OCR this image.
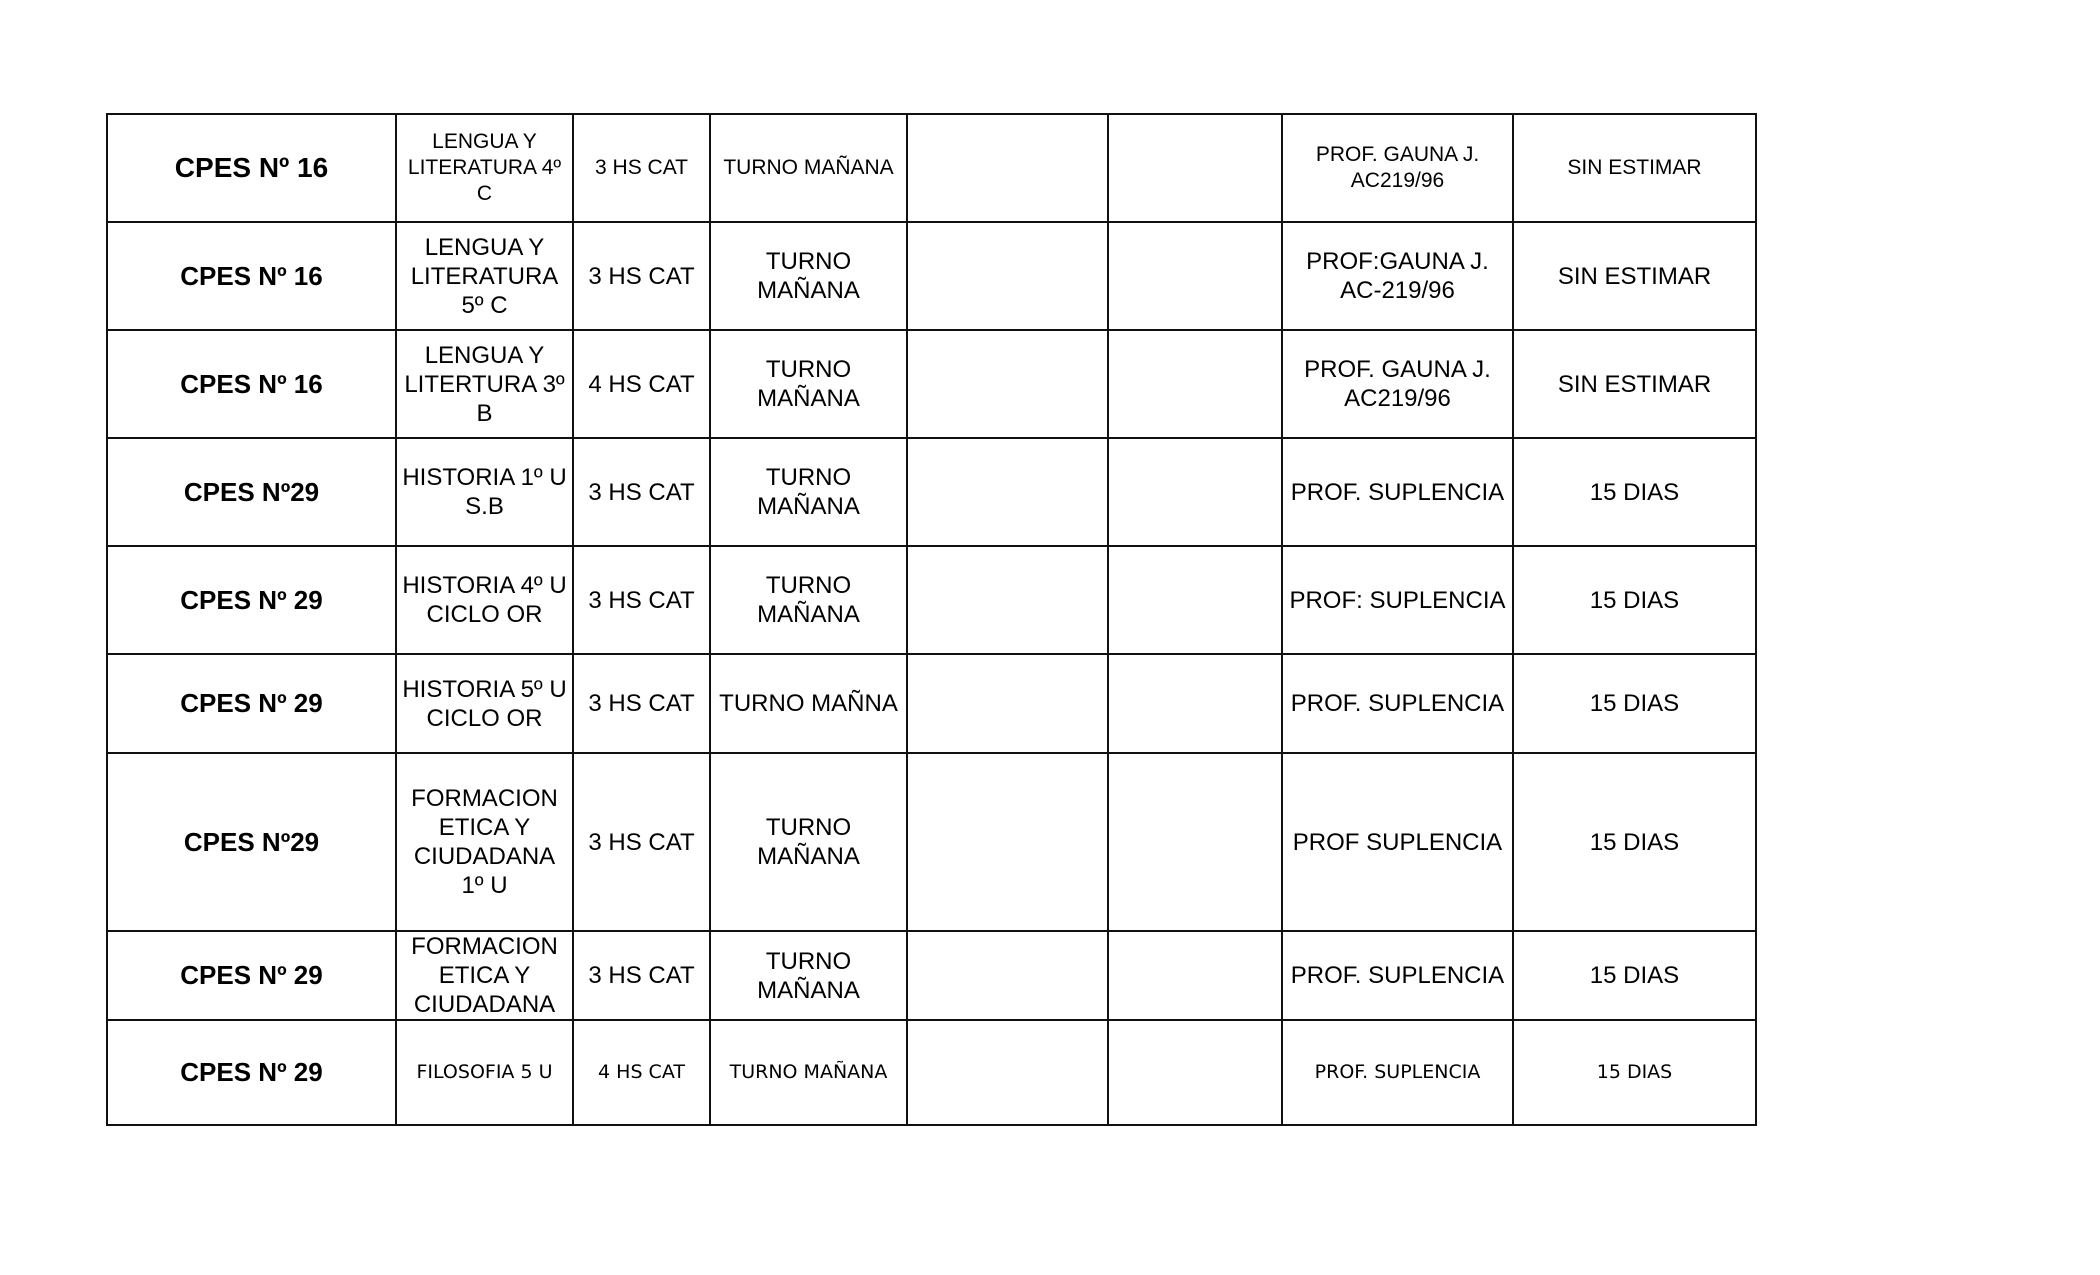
CPES Nº 16	LENGUA Y LITERATURA 4º C	3 HS CAT	TURNO MAÑANA			PROF. GAUNA J. AC219/96	SIN ESTIMAR
CPES Nº 16	LENGUA Y LITERATURA 5º C	3 HS CAT	TURNO MAÑANA			PROF:GAUNA J. AC-219/96	SIN ESTIMAR
CPES Nº 16	LENGUA Y LITERTURA 3º B	4 HS CAT	TURNO MAÑANA			PROF. GAUNA J. AC219/96	SIN ESTIMAR
CPES Nº29	HISTORIA 1º U S.B	3 HS CAT	TURNO MAÑANA			PROF. SUPLENCIA	15 DIAS
CPES Nº 29	HISTORIA 4º U CICLO OR	3 HS CAT	TURNO MAÑANA			PROF: SUPLENCIA	15 DIAS
CPES Nº 29	HISTORIA 5º U CICLO OR	3 HS CAT	TURNO MAÑNA			PROF. SUPLENCIA	15 DIAS
CPES Nº29	FORMACION ETICA Y CIUDADANA 1º U	3 HS CAT	TURNO MAÑANA			PROF SUPLENCIA	15 DIAS
CPES Nº 29	FORMACION ETICA Y CIUDADANA	3 HS CAT	TURNO MAÑANA			PROF. SUPLENCIA	15 DIAS
CPES Nº 29	FILOSOFIA 5 U	4 HS CAT	TURNO MAÑANA			PROF. SUPLENCIA	15 DIAS
